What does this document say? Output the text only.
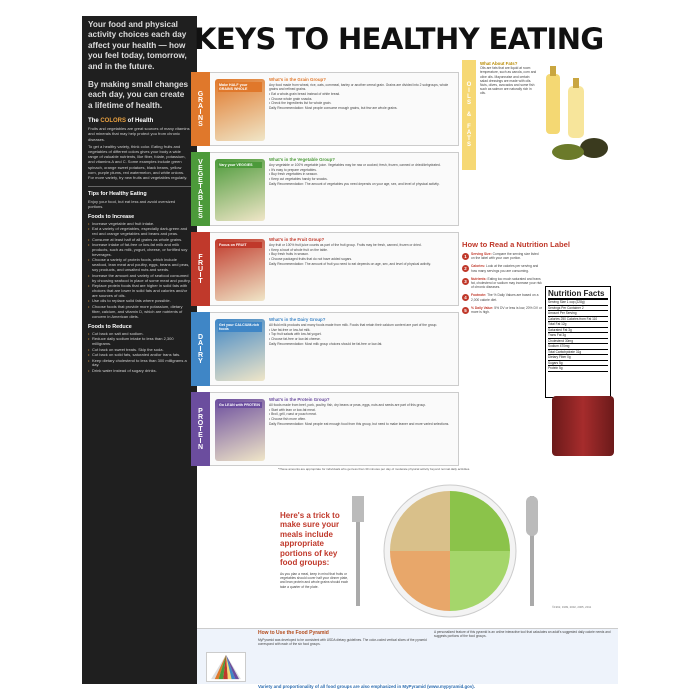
Your food and physical activity choices each day affect your health — how you feel today, tomorrow, and in the future.
By making small changes each day, you can create a lifetime of health.
The COLORS of Health
Fruits and vegetables are great sources of many vitamins and minerals that may help protect you from chronic diseases.
To get a healthy variety, think color. Eating fruits and vegetables of different colors gives your body a wide range of valuable nutrients, like fiber, folate, potassium, and vitamins A and C. Some examples include green spinach, orange sweet potatoes, black beans, yellow corn, purple plums, red watermelon, and white onions. For more variety, try new fruits and vegetables regularly.
Tips for Healthy Eating
Enjoy your food, but eat less and avoid oversized portions.
Foods to Increase
• Increase vegetable and fruit intake.
• Eat a variety of vegetables, especially dark-green and red and orange vegetables and beans and peas.
• Consume at least half of all grains as whole grains.
• Increase intake of fat-free or low-fat milk and milk products, such as milk, yogurt, cheese, or fortified soy beverages.
• Choose a variety of protein foods, which include seafood, lean meat and poultry, eggs, beans and peas, soy products, and unsalted nuts and seeds.
• Increase the amount and variety of seafood consumed by choosing seafood in place of some meat and poultry.
• Replace protein foods that are higher in solid fats with choices that are lower in solid fats and calories and/or are sources of oils.
• Use oils to replace solid fats where possible.
• Choose foods that provide more potassium, dietary fiber, calcium, and vitamin D, which are nutrients of concern in American diets.
Foods to Reduce
• Cut back on salt and sodium.
• Reduce daily sodium intake to less than 2,300 milligrams.
• Cut back on sweet treats. Skip the soda.
• Cut back on solid fats, saturated and/or trans fats.
• Keep dietary cholesterol to less than 300 milligrams a day.
• Drink water instead of sugary drinks.
KEYS TO HEALTHY EATING
GRAINS
Make HALF your GRAINS WHOLE
What's in the Grain Group?
Any food made from wheat, rice, oats, cornmeal, barley or another cereal grain. Grains are divided into 2 subgroups, whole grains and refined grains.
• Eat a whole-grain bread instead of white bread.
• Choose whole grain snacks.
• Check the ingredients list for whole grain.
Daily Recommendation: Most people consume enough grains, but few are whole grains.
VEGETABLES	Vary your VEGGIES
What's in the Vegetable Group?
Any vegetable or 100% vegetable juice. Vegetables may be raw or cooked; fresh, frozen, canned or dried/dehydrated.
• It's easy to prepare vegetables.
• Buy fresh vegetables in season.
• Keep cut vegetables handy for snacks.
Daily Recommendation: The amount of vegetables you need depends on your age, sex, and level of physical activity.
FRUIT
Focus on FRUIT
What's in the Fruit Group?
Any fruit or 100% fruit juice counts as part of the fruit group. Fruits may be fresh, canned, frozen or dried.
• Keep a bowl of whole fruit on the table.
• Buy fresh fruits in season.
• Choose packaged fruits that do not have added sugars.
Daily Recommendation: The amount of fruit you need to eat depends on age, sex, and level of physical activity.
DAIRY
Get your CALCIUM-rich foods
What's in the Dairy Group?
All fluid milk products and many foods made from milk. Foods that retain their calcium content are part of the group.
• Use fat-free or low-fat milk.
• Top fruit salads with low-fat yogurt.
• Choose fat-free or low-fat cheese.
Daily Recommendation: Most milk group choices should be fat-free or low-fat.
PROTEIN
Go LEAN with PROTEIN
What's in the Protein Group?
All foods made from beef, pork, poultry, fish, dry beans or peas, eggs, nuts and seeds are part of this group.
• Start with lean or low-fat meat.
• Broil, grill, roast or poach meat.
• Choose fish more often.
Daily Recommendation: Most people eat enough food from this group, but need to make leaner and more varied selections.
OILS & FATS
What About Fats?
Oils are fats that are liquid at room temperature, such as canola, corn and olive oils. Mayonnaise and certain salad dressings are made with oils. Nuts, olives, avocados and some fish such as salmon are naturally rich in oils.
How to Read a Nutrition Label
1	Serving Size: Compare the serving size listed on the label with your own portion.
2	Calories: Look at the calories per serving and how many servings you are consuming.
3	Nutrients: Eating too much saturated and trans fat, cholesterol or sodium may increase your risk of chronic diseases.
4	Footnote: The % Daily Values are based on a 2,000 calorie diet.
5	% Daily Value: 5% DV or less is low, 20% DV or more is high.
Nutrition Facts
Serving Size 1 cup (228g)
Servings Per Container 2
Amount Per Serving
Calories 250 Calories from Fat 110
Total Fat 12g
Saturated Fat 3g
Trans Fat 3g
Cholesterol 30mg
Sodium 470mg
Total Carbohydrate 31g
Dietary Fiber 0g
Sugars 5g
Protein 5g
*These amounts are appropriate for individuals who get less than 30 minutes per day of moderate physical activity beyond normal daily activities.
Here's a trick to make sure your meals include appropriate portions of key food groups:
As you plan a meal, keep in mind that fruits or vegetables should cover half your dinner plate, and lean protein and whole grains should each take a quarter of the plate.
How to Use the Food Pyramid
MyPyramid was developed to be consistent with USDA dietary guidelines. The color-coded vertical slices of the pyramid correspond with each of the six food groups.
A personalized feature of this pyramid is an online interactive tool that calculates an adult's suggested daily calorie needs and suggests portions of the food groups.
Variety and proportionality of all food groups are also emphasized in MyPyramid (www.mypyramid.gov).
©1992, 1999, 2002, 2005, 2011
